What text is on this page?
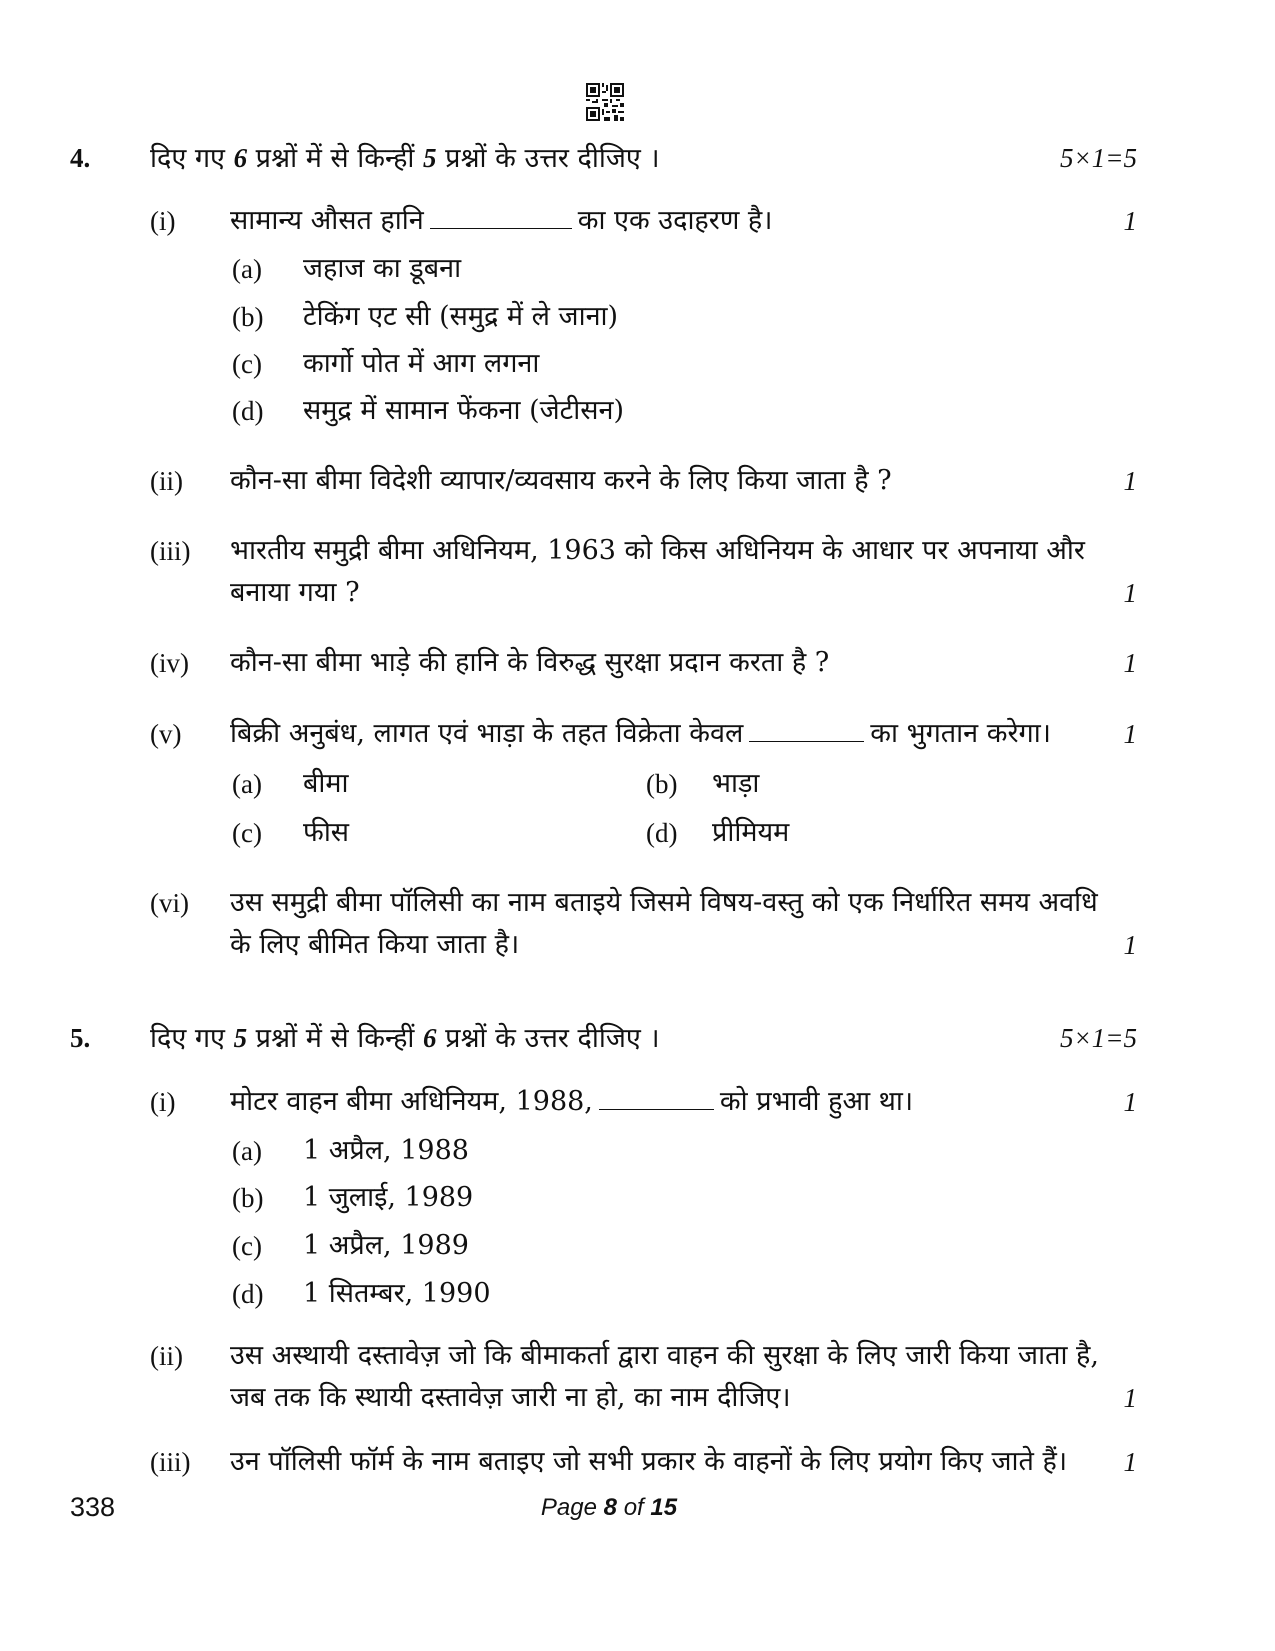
4. दिए गए 6 प्रश्नों में से किन्हीं 5 प्रश्नों के उत्तर दीजिए ।	5×1=5
(i) सामान्य औसत हानि	का एक उदाहरण है।	1
(a) जहाज का डूबना
(b) टेकिंग एट सी (समुद्र में ले जाना)
(c) कार्गो पोत में आग लगना
(d) समुद्र में सामान फेंकना (जेटीसन)
(ii) कौन-सा बीमा विदेशी व्यापार/व्यवसाय करने के लिए किया जाता है ?	1
(iii) भारतीय समुद्री बीमा अधिनियम, 1963 को किस अधिनियम के आधार पर अपनाया और
बनाया गया ?	1
(iv) कौन-सा बीमा भाड़े की हानि के विरुद्ध सुरक्षा प्रदान करता है ?	1
(v) बिक्री अनुबंध, लागत एवं भाड़ा के तहत विक्रेता केवल	का भुगतान करेगा।	1
(a) बीमा	(b) भाड़ा
(c) फीस	(d) प्रीमियम
(vi) उस समुद्री बीमा पॉलिसी का नाम बताइये जिसमे विषय-वस्तु को एक निर्धारित समय अवधि
के लिए बीमित किया जाता है।	1
5. दिए गए 5 प्रश्नों में से किन्हीं 6 प्रश्नों के उत्तर दीजिए ।	5×1=5
(i) मोटर वाहन बीमा अधिनियम, 1988,	को प्रभावी हुआ था।	1
(a) 1 अप्रैल, 1988
(b) 1 जुलाई, 1989
(c) 1 अप्रैल, 1989
(d) 1 सितम्बर, 1990
(ii) उस अस्थायी दस्तावेज़ जो कि बीमाकर्ता द्वारा वाहन की सुरक्षा के लिए जारी किया जाता है,
जब तक कि स्थायी दस्तावेज़ जारी ना हो, का नाम दीजिए।	1
(iii) उन पॉलिसी फॉर्म के नाम बताइए जो सभी प्रकार के वाहनों के लिए प्रयोग किए जाते हैं।	1
338	Page 8 of 15
